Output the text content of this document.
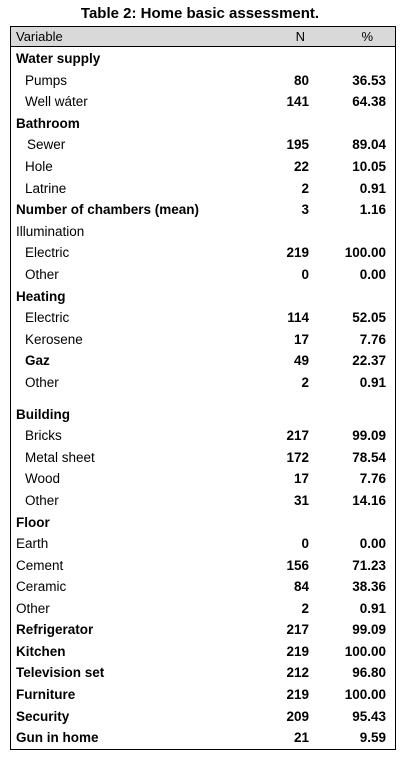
Table 2: Home basic assessment.
Variable	N	%
Water supply
Pumps	80	36.53
Well wáter	141	64.38
Bathroom
Sewer	195	89.04
Hole	22	10.05
Latrine	2	0.91
Number of chambers (mean)	3	1.16
Illumination
Electric	219	100.00
Other	0	0.00
Heating
Electric	114	52.05
Kerosene	17	7.76
Gaz	49	22.37
Other	2	0.91
Building
Bricks	217	99.09
Metal sheet	172	78.54
Wood	17	7.76
Other	31	14.16
Floor
Earth	0	0.00
Cement	156	71.23
Ceramic	84	38.36
Other	2	0.91
Refrigerator	217	99.09
Kitchen	219	100.00
Television set	212	96.80
Furniture	219	100.00
Security	209	95.43
Gun in home	21	9.59
